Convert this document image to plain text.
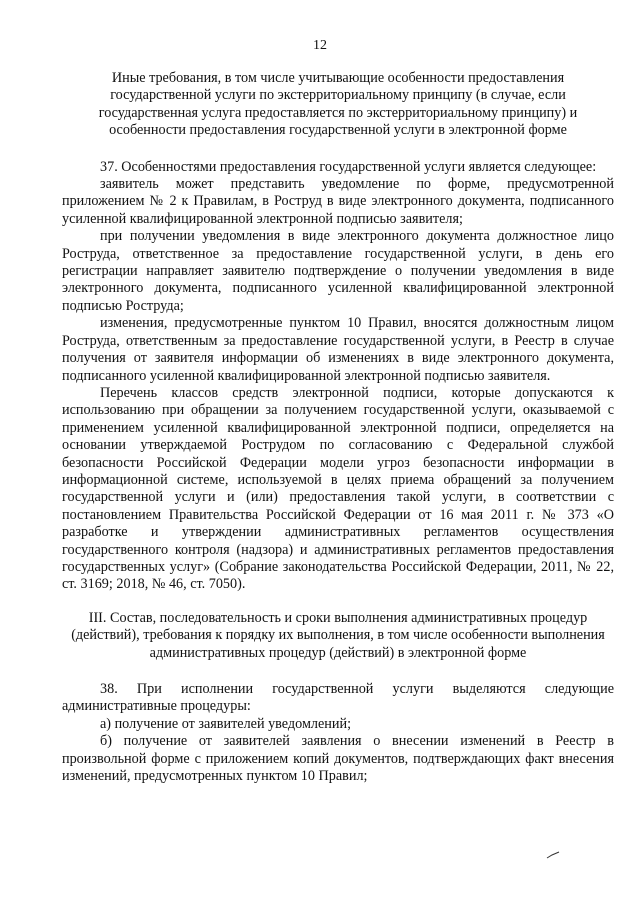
12

Иные требования, в том числе учитывающие особенности предоставления государственной услуги по экстерриториальному принципу (в случае, если государственная услуга предоставляется по экстерриториальному принципу) и особенности предоставления государственной услуги в электронной форме

37. Особенностями предоставления государственной услуги является следующее:

заявитель может представить уведомление по форме, предусмотренной приложением № 2 к Правилам, в Роструд в виде электронного документа, подписанного усиленной квалифицированной электронной подписью заявителя;

при получении уведомления в виде электронного документа должностное лицо Роструда, ответственное за предоставление государственной услуги, в день его регистрации направляет заявителю подтверждение о получении уведомления в виде электронного документа, подписанного усиленной квалифицированной электронной подписью Роструда;

изменения, предусмотренные пунктом 10 Правил, вносятся должностным лицом Роструда, ответственным за предоставление государственной услуги, в Реестр в случае получения от заявителя информации об изменениях в виде электронного документа, подписанного усиленной квалифицированной электронной подписью заявителя.

Перечень классов средств электронной подписи, которые допускаются к использованию при обращении за получением государственной услуги, оказываемой с применением усиленной квалифицированной электронной подписи, определяется на основании утверждаемой Рострудом по согласованию с Федеральной службой безопасности Российской Федерации модели угроз безопасности информации в информационной системе, используемой в целях приема обращений за получением государственной услуги и (или) предоставления такой услуги, в соответствии с постановлением Правительства Российской Федерации от 16 мая 2011 г. № 373 «О разработке и утверждении административных регламентов осуществления государственного контроля (надзора) и административных регламентов предоставления государственных услуг» (Собрание законодательства Российской Федерации, 2011, № 22, ст. 3169; 2018, № 46, ст. 7050).

III. Состав, последовательность и сроки выполнения административных процедур (действий), требования к порядку их выполнения, в том числе особенности выполнения административных процедур (действий) в электронной форме

38. При исполнении государственной услуги выделяются следующие административные процедуры:

а) получение от заявителей уведомлений;

б) получение от заявителей заявления о внесении изменений в Реестр в произвольной форме с приложением копий документов, подтверждающих факт внесения изменений, предусмотренных пунктом 10 Правил;
